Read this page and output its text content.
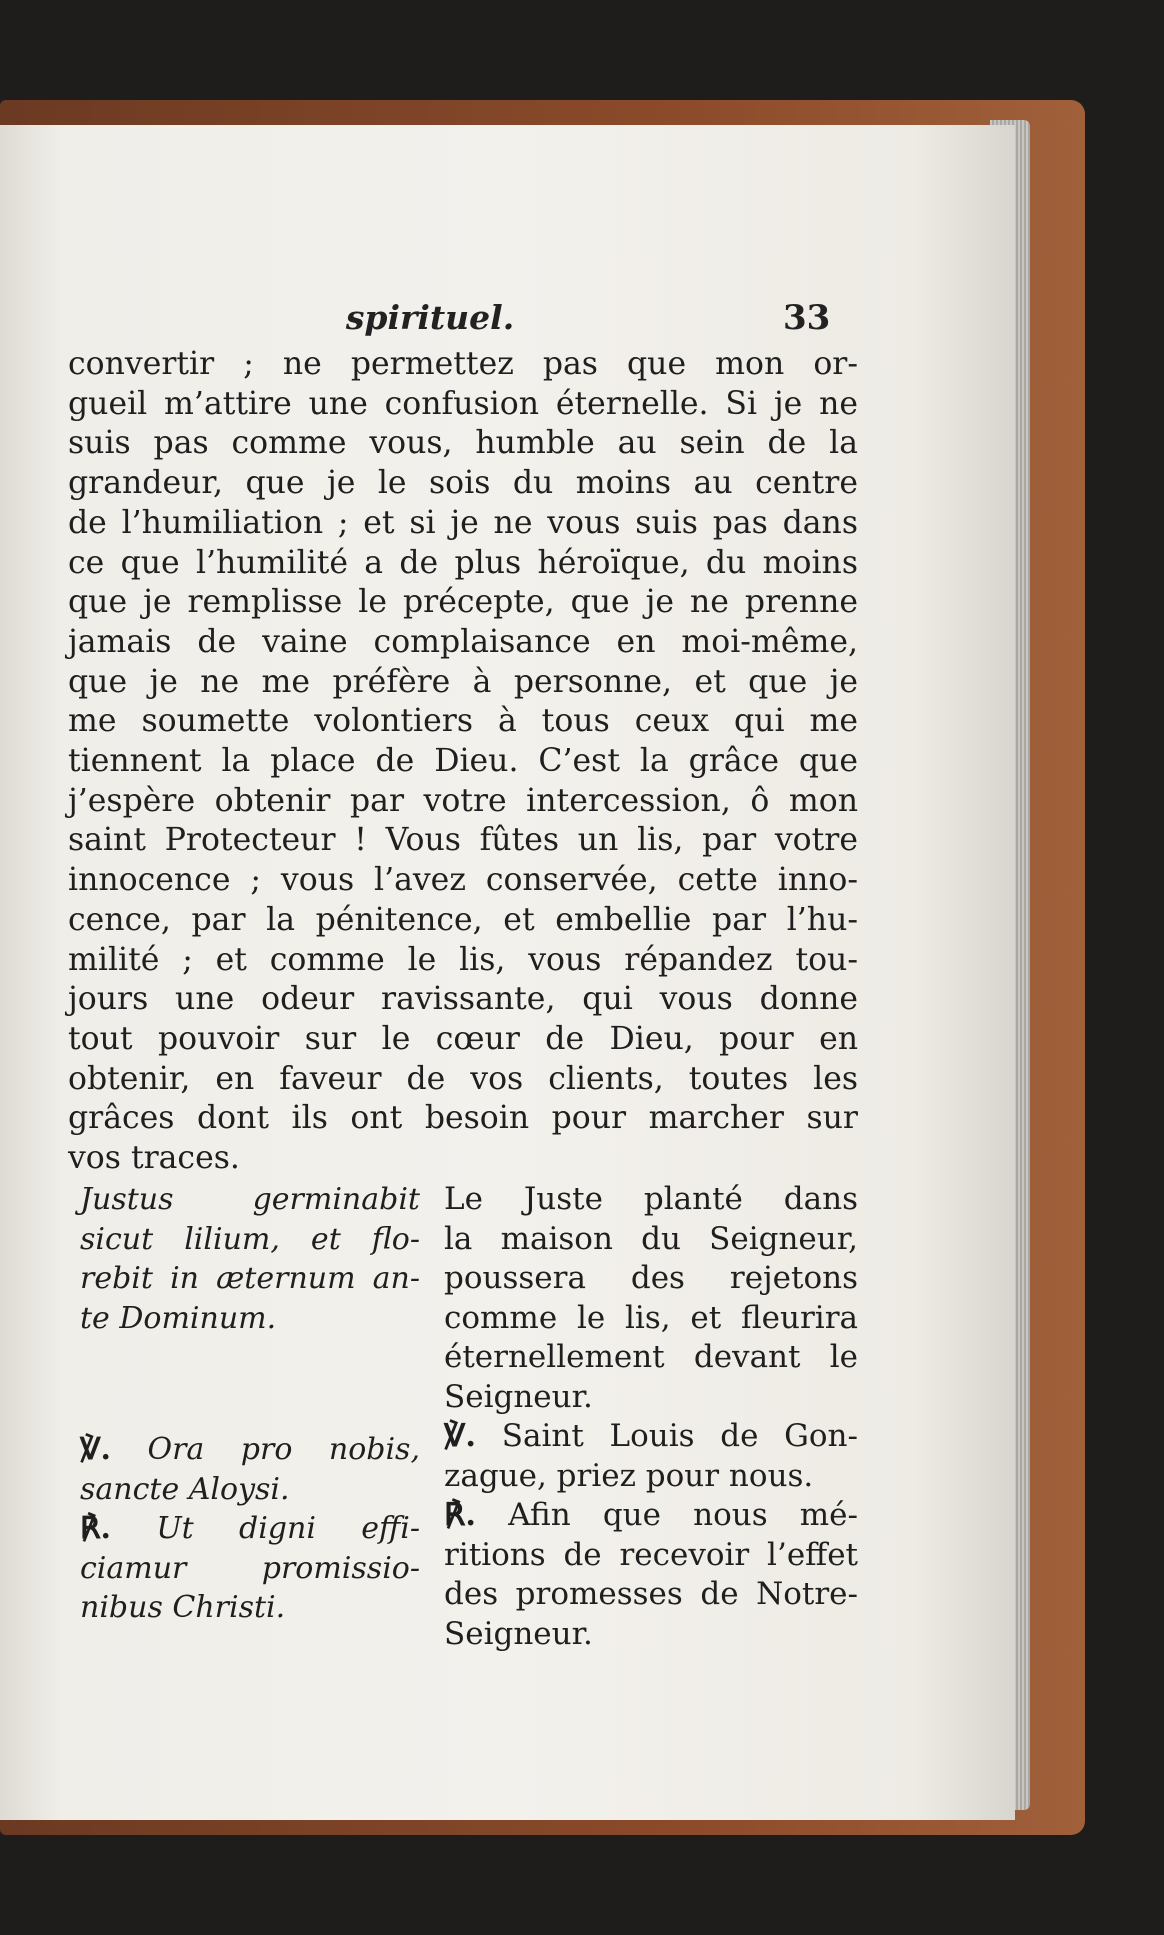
spirituel.	33
convertir ; ne permettez pas que mon or-
gueil m’attire une confusion éternelle. Si je ne
suis pas comme vous, humble au sein de la
grandeur, que je le sois du moins au centre
de l’humiliation ; et si je ne vous suis pas dans
ce que l’humilité a de plus héroïque, du moins
que je remplisse le précepte, que je ne prenne
jamais de vaine complaisance en moi-même,
que je ne me préfère à personne, et que je
me soumette volontiers à tous ceux qui me
tiennent la place de Dieu. C’est la grâce que
j’espère obtenir par votre intercession, ô mon
saint Protecteur ! Vous fûtes un lis, par votre
innocence ; vous l’avez conservée, cette inno-
cence, par la pénitence, et embellie par l’hu-
milité ; et comme le lis, vous répandez tou-
jours une odeur ravissante, qui vous donne
tout pouvoir sur le cœur de Dieu, pour en
obtenir, en faveur de vos clients, toutes les
grâces dont ils ont besoin pour marcher sur
vos traces.
Justus germinabit
sicut lilium, et flo-
rebit in æternum an-
te Dominum.
℣. Ora pro nobis,
sancte Aloysi.
℟. Ut digni effi-
ciamur promissio-
nibus Christi.
Le Juste planté dans
la maison du Seigneur,
poussera des rejetons
comme le lis, et fleurira
éternellement devant le
Seigneur.
℣. Saint Louis de Gon-
zague, priez pour nous.
℟. Afin que nous mé-
ritions de recevoir l’effet
des promesses de Notre-
Seigneur.
